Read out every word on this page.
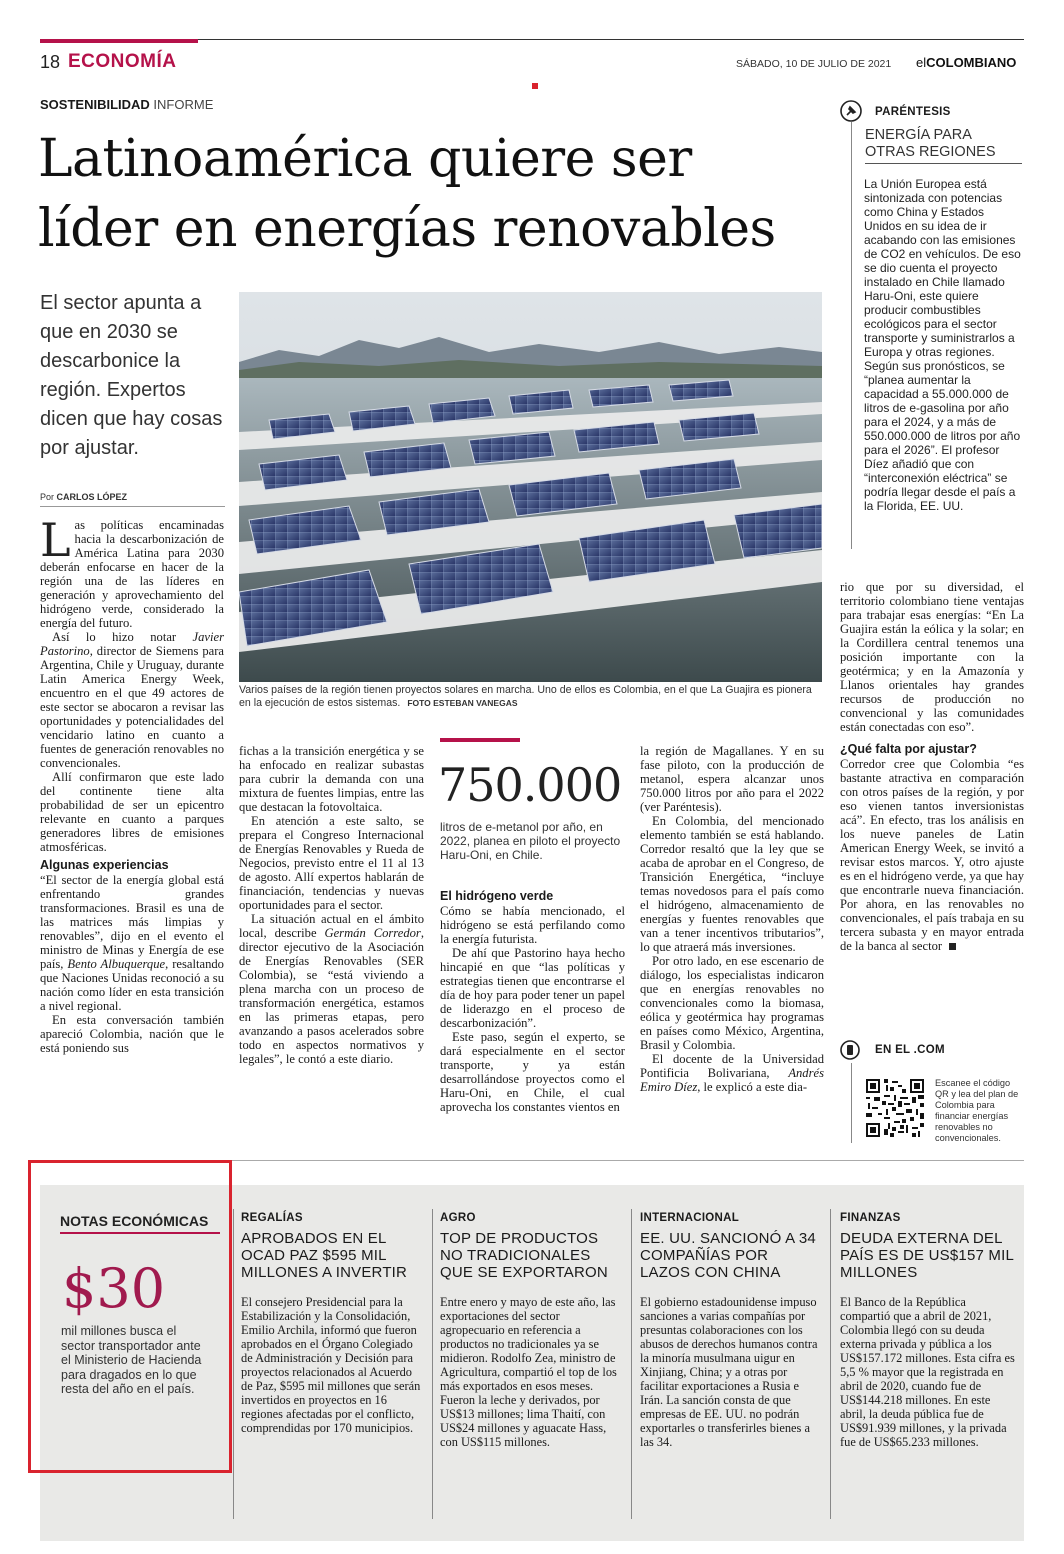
18 ECONOMÍA	SÁBADO, 10 DE JULIO DE 2021 elCOLOMBIANO
SOSTENIBILIDAD INFORME
Latinoamérica quiere ser
líder en energías renovables
El sector apunta a que en 2030 se descarbonice la región. Expertos dicen que hay cosas por ajustar.
Por CARLOS LÓPEZ
Varios países de la región tienen proyectos solares en marcha. Uno de ellos es Colombia, en el que La Guajira es pionera en la ejecución de estos sistemas. FOTO ESTEBAN VANEGAS

Las políticas encaminadas hacia la descarbonización de América Latina para 2030 deberán enfocarse en hacer de la región una de las líderes en generación y aprovechamiento del hidrógeno verde, considerado la energía del futuro.

Así lo hizo notar Javier Pastorino, director de Siemens para Argentina, Chile y Uruguay, durante Latin America Energy Week, encuentro en el que 49 actores de este sector se abocaron a revisar las oportunidades y potencialidades del vencidario latino en cuanto a fuentes de generación renovables no convencionales.

Allí confirmaron que este lado del continente tiene alta probabilidad de ser un epicentro relevante en cuanto a parques generadores libres de emisiones atmosféricas.

Algunas experiencias

“El sector de la energía global está enfrentando grandes transformaciones. Brasil es una de las matrices más limpias y renovables”, dijo en el evento el ministro de Minas y Energía de ese país, Bento Albuquerque, resaltando que Naciones Unidas reconoció a su nación como líder en esta transición a nivel regional.

En esta conversación también apareció Colombia, nación que le está poniendo sus

fichas a la transición energética y se ha enfocado en realizar subastas para cubrir la demanda con una mixtura de fuentes limpias, entre las que destacan la fotovoltaica.

En atención a este salto, se prepara el Congreso Internacional de Energías Renovables y Rueda de Negocios, previsto entre el 11 al 13 de agosto. Allí expertos hablarán de financiación, tendencias y nuevas oportunidades para el sector.

La situación actual en el ámbito local, describe Germán Corredor, director ejecutivo de la Asociación de Energías Renovables (SER Colombia), se “está viviendo a plena marcha con un proceso de transformación energética, estamos en las primeras etapas, pero avanzando a pasos acelerados sobre todo en aspectos normativos y legales”, le contó a este diario.

750.000
litros de e-metanol por año, en 2022, planea en piloto el proyecto Haru-Oni, en Chile.
El hidrógeno verde

Cómo se había mencionado, el hidrógeno se está perfilando como la energía futurista.

De ahí que Pastorino haya hecho hincapié en que “las políticas y estrategias tienen que encontrarse el día de hoy para poder tener un papel de liderazgo en el proceso de descarbonización”.

Este paso, según el experto, se dará especialmente en el sector transporte, y ya están desarrollándose proyectos como el Haru-Oni, en Chile, el cual aprovecha los constantes vientos en

la región de Magallanes. Y en su fase piloto, con la producción de metanol, espera alcanzar unos 750.000 litros por año para el 2022 (ver Paréntesis).

En Colombia, del mencionado elemento también se está hablando. Corredor resaltó que la ley que se acaba de aprobar en el Congreso, de Transición Energética, “incluye temas novedosos para el país como el hidrógeno, almacenamiento de energías y fuentes renovables que van a tener incentivos tributarios”, lo que atraerá más inversiones.

Por otro lado, en ese escenario de diálogo, los especialistas indicaron que en energías renovables no convencionales como la biomasa, eólica y geotérmica hay programas en países como México, Argentina, Brasil y Colombia.

El docente de la Universidad Pontificia Bolivariana, Andrés Emiro Díez, le explicó a este dia-

PARÉNTESIS
ENERGÍA PARA OTRAS REGIONES
La Unión Europea está sintonizada con potencias como China y Estados Unidos en su idea de ir acabando con las emisiones de CO2 en vehículos. De eso se dio cuenta el proyecto instalado en Chile llamado Haru-Oni, este quiere producir combustibles ecológicos para el sector transporte y suministrarlos a Europa y otras regiones. Según sus pronósticos, se “planea aumentar la capacidad a 55.000.000 de litros de e-gasolina por año para el 2024, y a más de 550.000.000 de litros por año para el 2026”. El profesor Díez añadió que con “interconexión eléctrica” se podría llegar desde el país a la Florida, EE. UU.

rio que por su diversidad, el territorio colombiano tiene ventajas para trabajar esas energías: “En La Guajira están la eólica y la solar; en la Cordillera central tenemos una posición importante con la geotérmica; y en la Amazonía y Llanos orientales hay grandes recursos de producción no convencional y las comunidades están conectadas con eso”.

¿Qué falta por ajustar?

Corredor cree que Colombia “es bastante atractiva en comparación con otros países de la región, y por eso vienen tantos inversionistas acá”. En efecto, tras los análisis en los nueve paneles de Latin American Energy Week, se invitó a revisar estos marcos. Y, otro ajuste es en el hidrógeno verde, ya que hay que encontrarle nueva financiación. Por ahora, en las renovables no convencionales, el país trabaja en su tercera subasta y en mayor entrada de la banca al sector

EN EL .COM
Escanee el código QR y lea del plan de Colombia para financiar energías renovables no convencionales.
NOTAS ECONÓMICAS
$30
mil millones busca el sector transportador ante el Ministerio de Hacienda para dragados en lo que resta del año en el país.
REGALÍAS
APROBADOS EN EL OCAD PAZ $595 MIL MILLONES A INVERTIR
El consejero Presidencial para la Estabilización y la Consolidación, Emilio Archila, informó que fueron aprobados en el Órgano Colegiado de Administración y Decisión para proyectos relacionados al Acuerdo de Paz, $595 mil millones que serán invertidos en proyectos en 16 regiones afectadas por el conflicto, comprendidas por 170 municipios.
AGRO
TOP DE PRODUCTOS NO TRADICIONALES QUE SE EXPORTARON
Entre enero y mayo de este año, las exportaciones del sector agropecuario en referencia a productos no tradicionales ya se midieron. Rodolfo Zea, ministro de Agricultura, compartió el top de los más exportados en esos meses. Fueron la leche y derivados, por US$13 millones; lima Thaití, con US$24 millones y aguacate Hass, con US$115 millones.
INTERNACIONAL
EE. UU. SANCIONÓ A 34 COMPAÑÍAS POR LAZOS CON CHINA
El gobierno estadounidense impuso sanciones a varias compañías por presuntas colaboraciones con los abusos de derechos humanos contra la minoría musulmana uigur en Xinjiang, China; y a otras por facilitar exportaciones a Rusia e Irán. La sanción consta de que empresas de EE. UU. no podrán exportarles o transferirles bienes a las 34.
FINANZAS
DEUDA EXTERNA DEL PAÍS ES DE US$157 MIL MILLONES
El Banco de la República compartió que a abril de 2021, Colombia llegó con su deuda externa privada y pública a los US$157.172 millones. Esta cifra es 5,5 % mayor que la registrada en abril de 2020, cuando fue de US$144.218 millones. En este abril, la deuda pública fue de US$91.939 millones, y la privada fue de US$65.233 millones.
